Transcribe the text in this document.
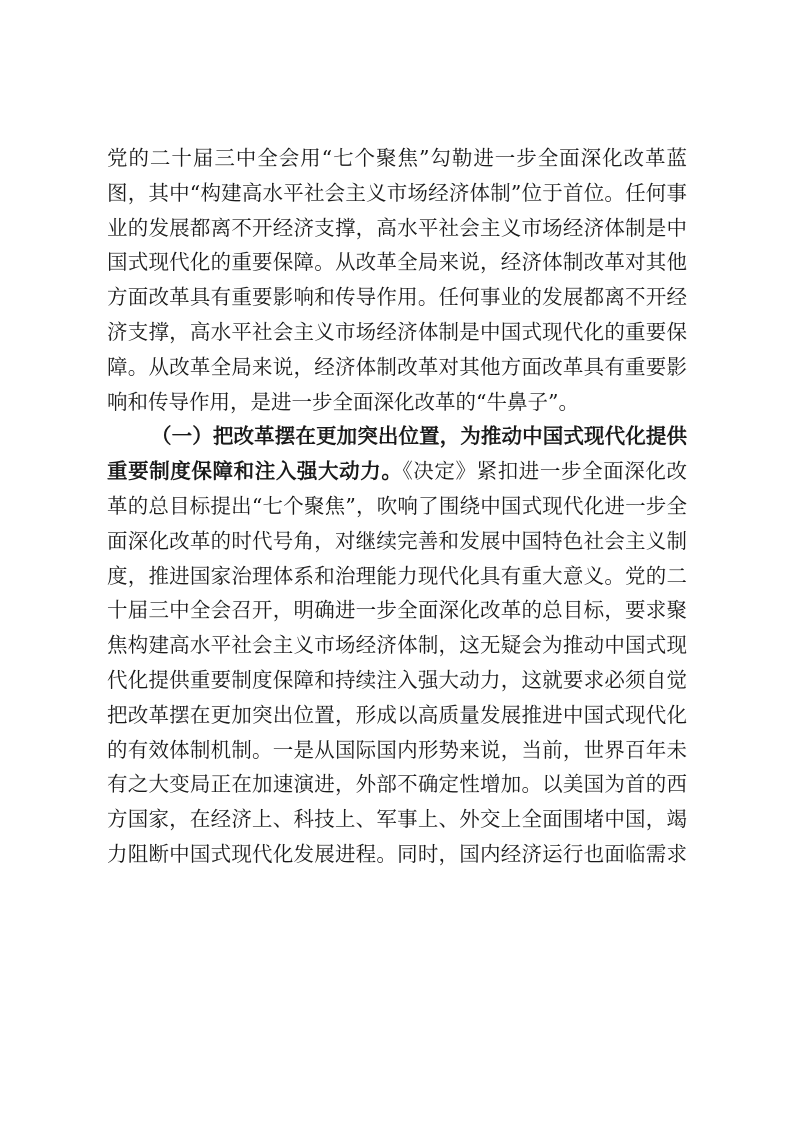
党的二十届三中全会用“七个聚焦”勾勒进一步全面深化改革蓝
图，其中“构建高水平社会主义市场经济体制”位于首位。任何事
业的发展都离不开经济支撑，高水平社会主义市场经济体制是中
国式现代化的重要保障。从改革全局来说，经济体制改革对其他
方面改革具有重要影响和传导作用。任何事业的发展都离不开经
济支撑，高水平社会主义市场经济体制是中国式现代化的重要保
障。从改革全局来说，经济体制改革对其他方面改革具有重要影
响和传导作用，是进一步全面深化改革的“牛鼻子”。
（一）把改革摆在更加突出位置，为推动中国式现代化提供
重要制度保障和注入强大动力。《决定》紧扣进一步全面深化改
革的总目标提出“七个聚焦”，吹响了围绕中国式现代化进一步全
面深化改革的时代号角，对继续完善和发展中国特色社会主义制
度，推进国家治理体系和治理能力现代化具有重大意义。党的二
十届三中全会召开，明确进一步全面深化改革的总目标，要求聚
焦构建高水平社会主义市场经济体制，这无疑会为推动中国式现
代化提供重要制度保障和持续注入强大动力，这就要求必须自觉
把改革摆在更加突出位置，形成以高质量发展推进中国式现代化
的有效体制机制。一是从国际国内形势来说，当前，世界百年未
有之大变局正在加速演进，外部不确定性增加。以美国为首的西
方国家，在经济上、科技上、军事上、外交上全面围堵中国，竭
力阻断中国式现代化发展进程。同时，国内经济运行也面临需求
